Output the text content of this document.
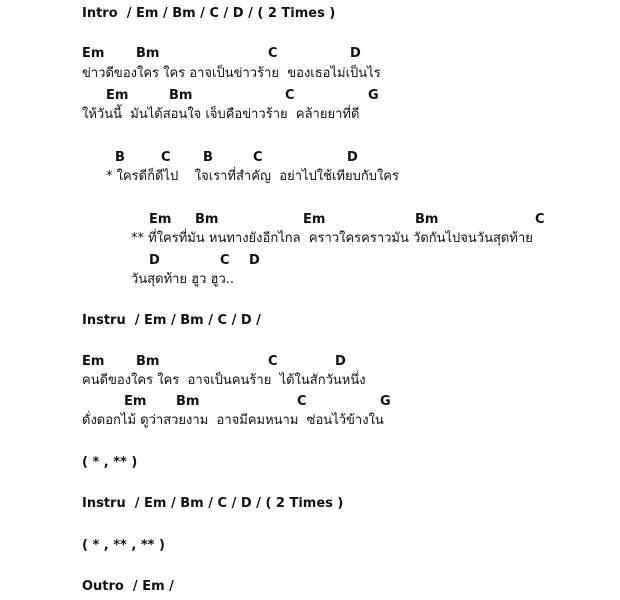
Intro  / Em / Bm / C / D / ( 2 Times )
Em Bm	C	D
ข่าวดีของใคร ใคร อาจเป็นข่าวร้าย  ของเธอไม่เป็นไร
Em	Bm	C	G
ให้วันนี้  มันได้สอนใจ เจ็บคือข่าวร้าย  คล้ายยาที่ดี
B	C B	C	D
* ใครดีก็ดีไป    ใจเราที่สำคัญ  อย่าไปใช้เทียบกับใคร
Em Bm	Em	Bm	C
** ที่ใครที่มัน หนทางยังอีกไกล  คราวใครคราวมัน วัดกันไปจนวันสุดท้าย
D	C D
วันสุดท้าย ฮูว ฮูว..
Instru  / Em / Bm / C / D /
Em Bm	C	D
คนดีของใคร ใคร  อาจเป็นคนร้าย  ได้ในสักวันหนึ่ง
Em Bm	C	G
ดั่งดอกไม้ ดูว่าสวยงาม  อาจมีคมหนาม  ซ่อนไว้ข้างใน
( * , ** )
Instru  / Em / Bm / C / D / ( 2 Times )
( * , ** , ** )
Outro  / Em /
